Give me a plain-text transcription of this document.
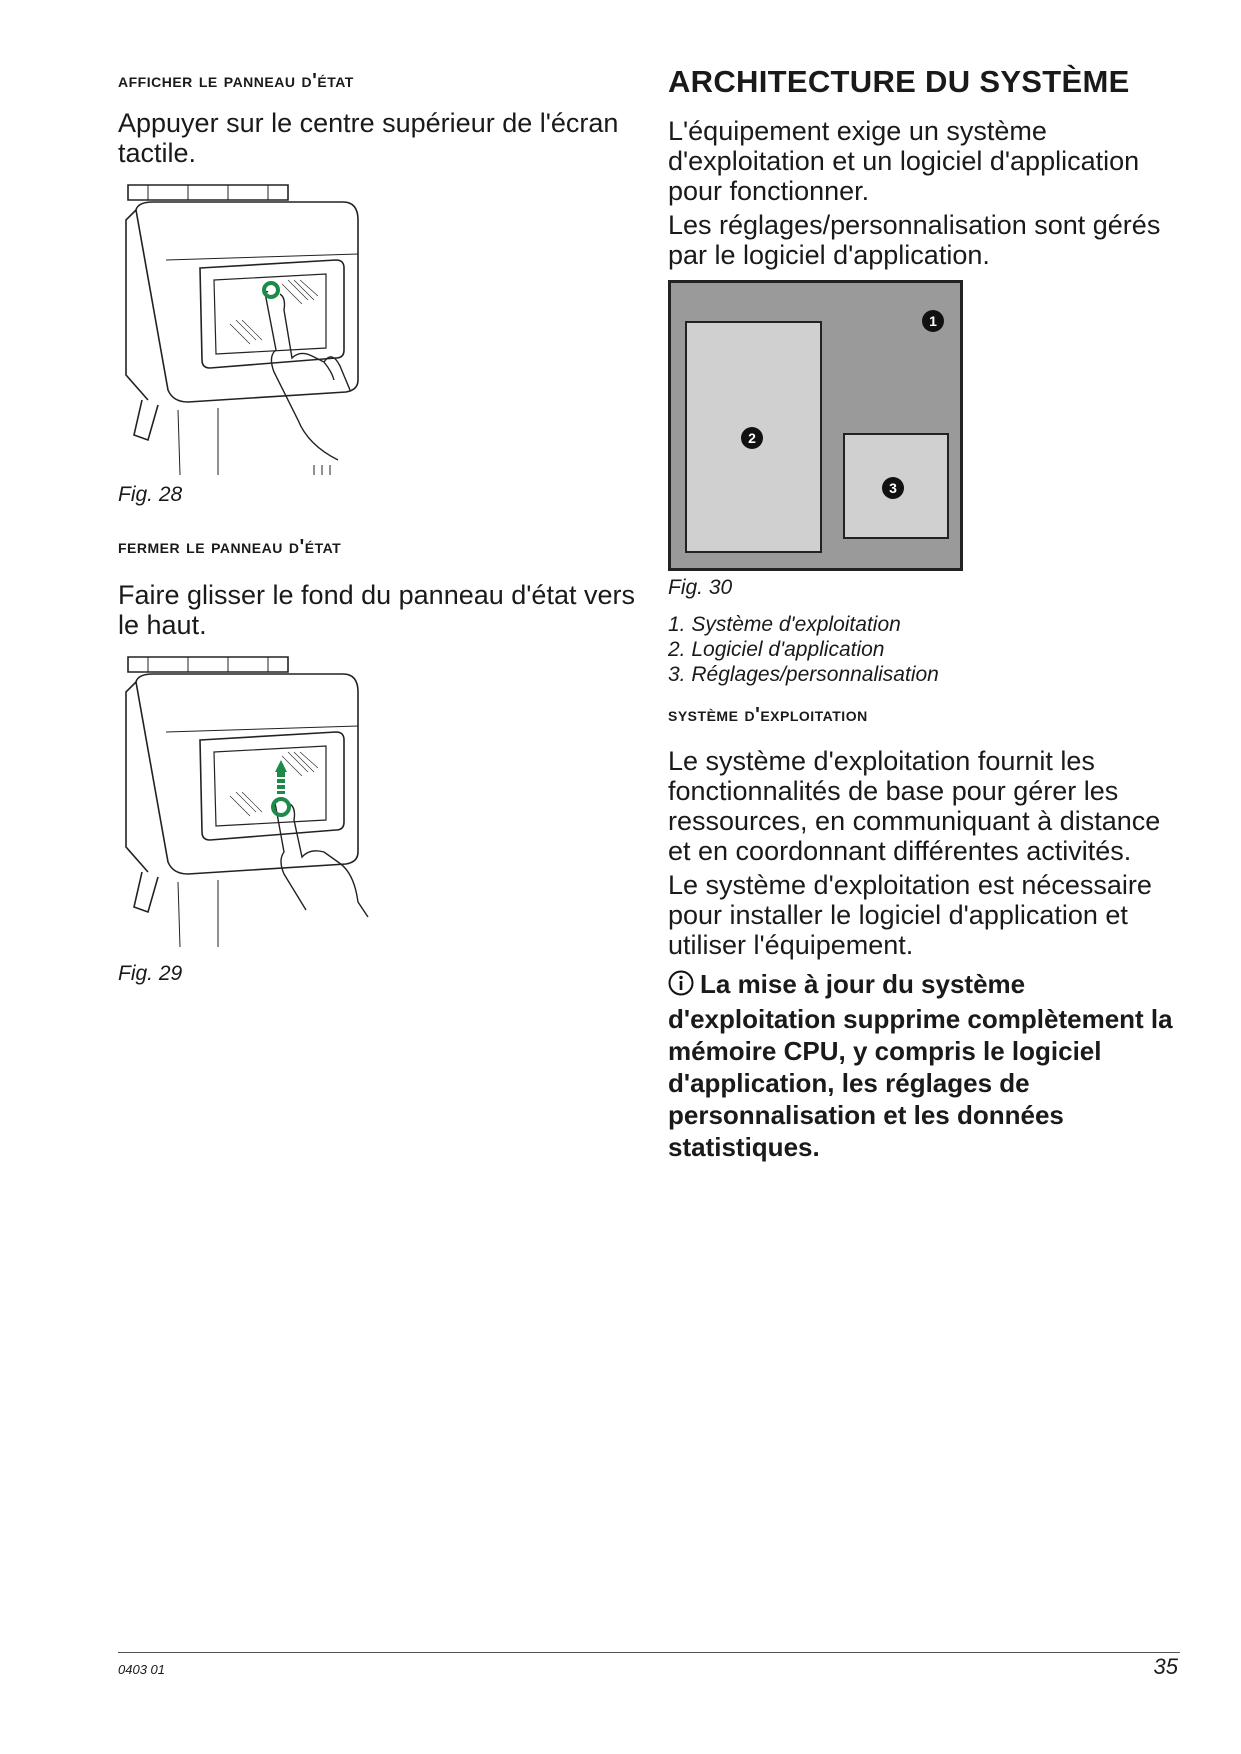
afficher le panneau d'état

Appuyer sur le centre supérieur de l'écran tactile.

Fig. 28

fermer le panneau d'état

Faire glisser le fond du panneau d'état vers le haut.

Fig. 29

ARCHITECTURE DU SYSTÈME

L'équipement exige un système d'exploitation et un logiciel d'application pour fonctionner.

Les réglages/personnalisation sont gérés par le logiciel d'application.

1
2
3

Fig. 30

1. Système d'exploitation
2. Logiciel d'application
3. Réglages/personnalisation
système d'exploitation

Le système d'exploitation fournit les fonctionnalités de base pour gérer les ressources, en communiquant à distance et en coordonnant différentes activités.

Le système d'exploitation est nécessaire pour installer le logiciel d'application et utiliser l'équipement.

La mise à jour du système d'exploitation supprime complètement la mémoire CPU, y compris le logiciel d'application, les réglages de personnalisation et les données statistiques.
0403 01	35
